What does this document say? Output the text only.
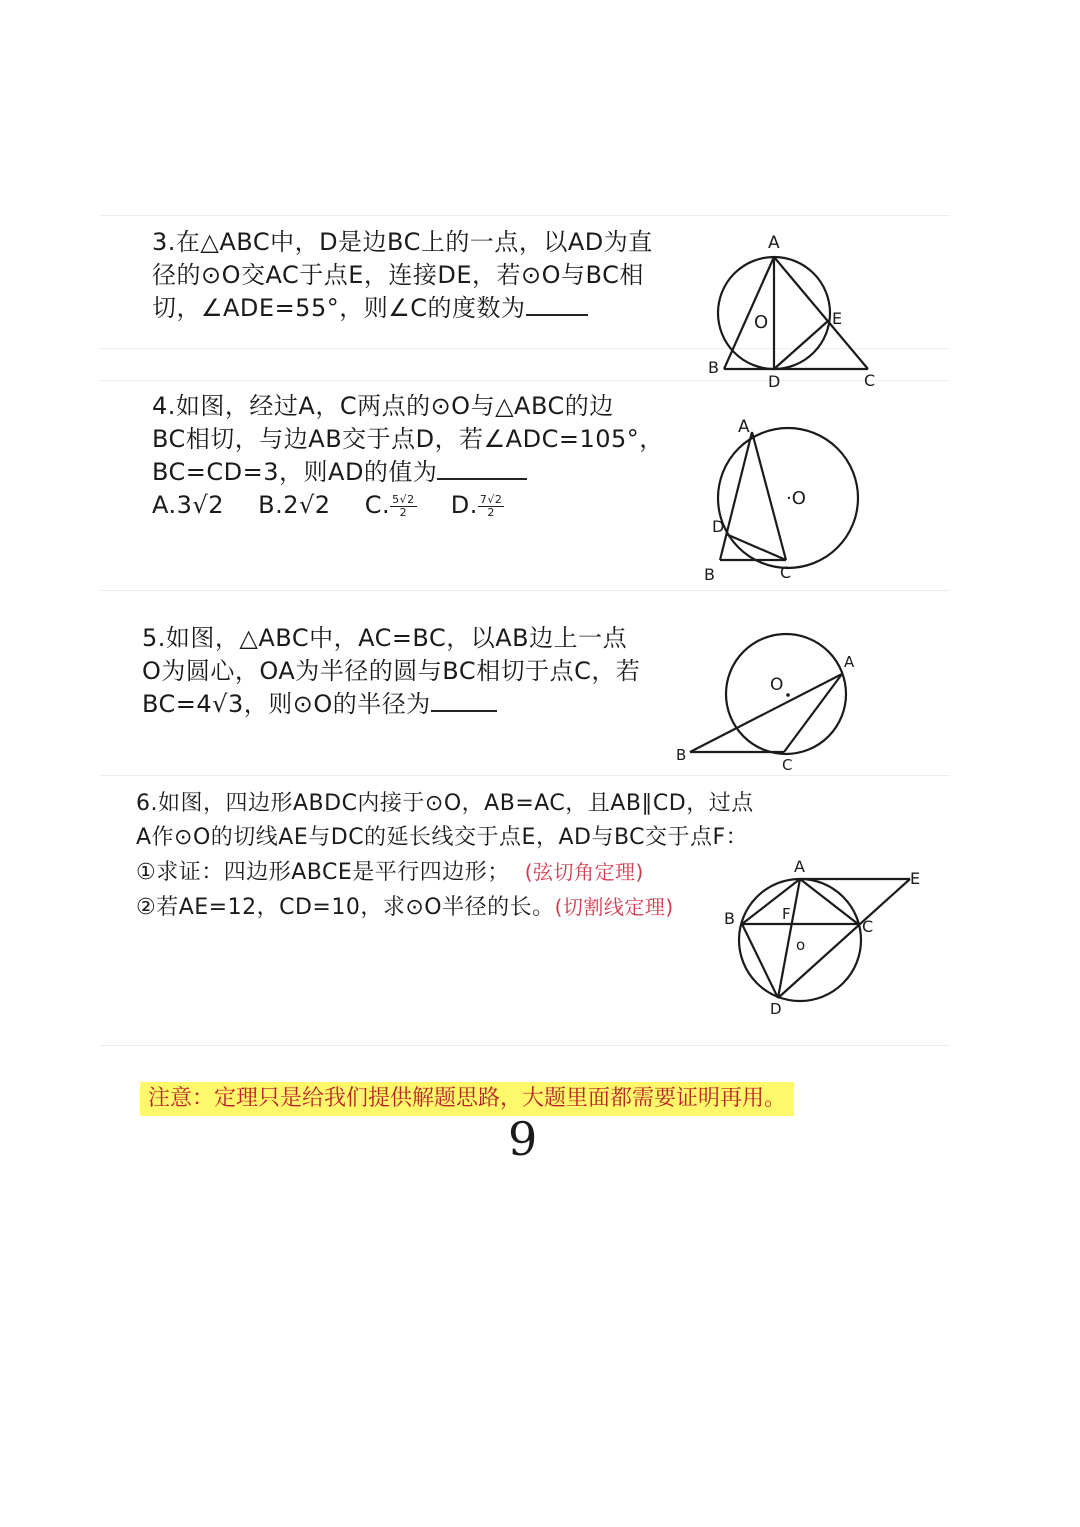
3.在△ABC中，D是边BC上的一点，以AD为直
径的⊙O交AC于点E，连接DE，若⊙O与BC相
切，∠ADE=55°，则∠C的度数为
A
O	E
B
D	C
4.如图，经过A，C两点的⊙O与△ABC的边
BC相切，与边AB交于点D，若∠ADC=105°，
BC=CD=3，则AD的值为
A.3√2 B.2√2 C. $\frac{5√2}{2} D$. $\frac{7√2}{2}$
A
·O
D
B	C
5.如图，△ABC中，AC=BC，以AB边上一点
O为圆心，OA为半径的圆与BC相切于点C，若
BC=4√3，则⊙O的半径为
O
A
B
C
6.如图，四边形ABDC内接于⊙O，AB=AC，且AB∥CD，过点
A作⊙O的切线AE与DC的延长线交于点E，AD与BC交于点F：
①求证：四边形ABCE是平行四边形； (弦切角定理)
②若AE=12，CD=10，求⊙O半径的长。(切割线定理)
A
E
B	F
C
o
D
注意：定理只是给我们提供解题思路，大题里面都需要证明再用。
9
